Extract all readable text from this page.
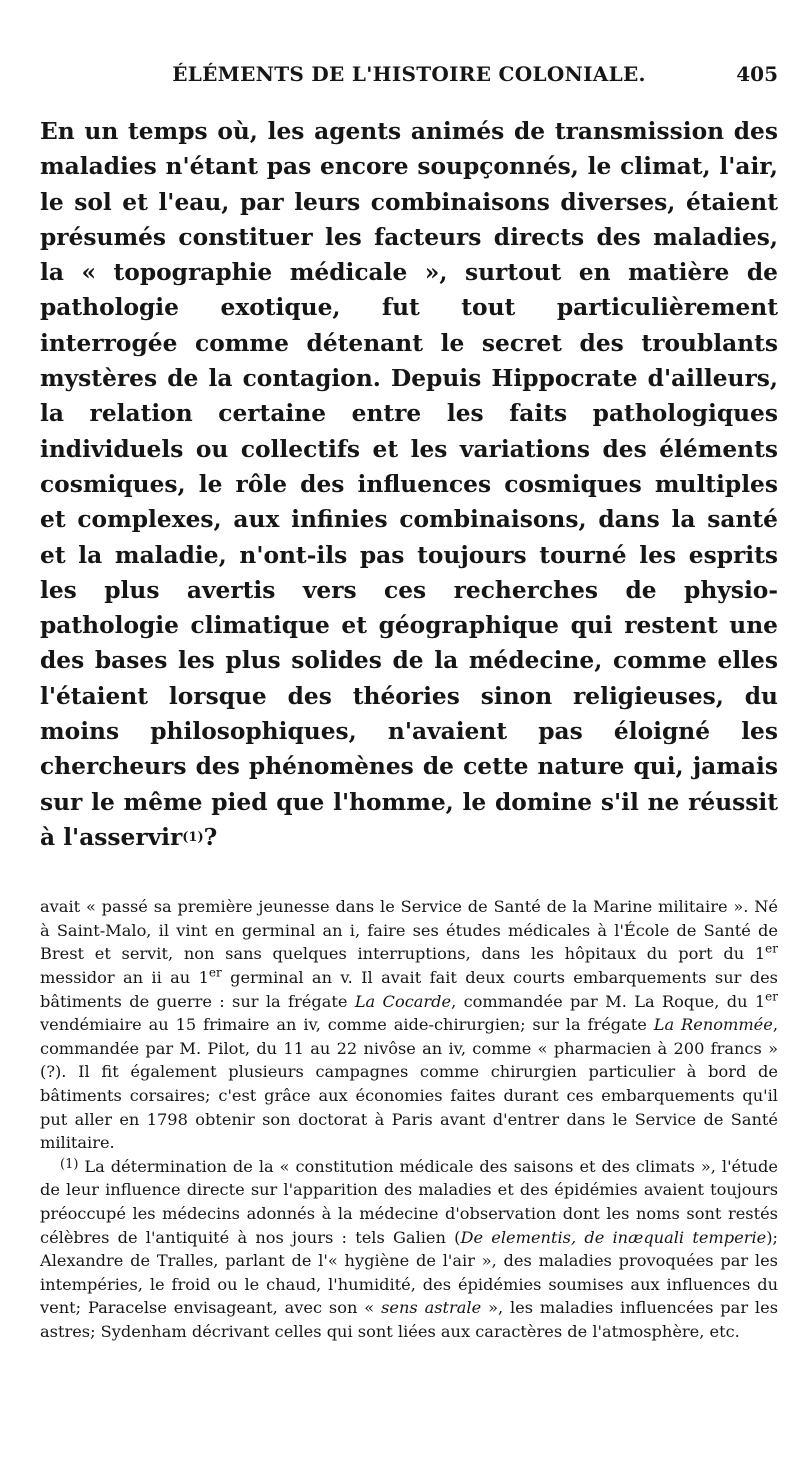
ÉLÉMENTS DE L'HISTOIRE COLONIALE.	405

En un temps où, les agents animés de transmission des maladies n'étant pas encore soupçonnés, le climat, l'air, le sol et l'eau, par leurs combinaisons diverses, étaient présumés constituer les facteurs directs des maladies, la « topographie médicale », surtout en matière de pathologie exotique, fut tout particulièrement interrogée comme détenant le secret des troublants mystères de la contagion. Depuis Hippocrate d'ailleurs, la relation certaine entre les faits pathologiques individuels ou collectifs et les variations des éléments cosmiques, le rôle des influences cosmiques multiples et complexes, aux infinies combinaisons, dans la santé et la maladie, n'ont-ils pas toujours tourné les esprits les plus avertis vers ces recherches de physio-pathologie climatique et géographique qui restent une des bases les plus solides de la médecine, comme elles l'étaient lorsque des théories sinon religieuses, du moins philosophiques, n'avaient pas éloigné les chercheurs des phénomènes de cette nature qui, jamais sur le même pied que l'homme, le domine s'il ne réussit à l'asservir(1)?

avait « passé sa première jeunesse dans le Service de Santé de la Marine militaire ». Né à Saint-Malo, il vint en germinal an i, faire ses études médicales à l'École de Santé de Brest et servit, non sans quelques interruptions, dans les hôpitaux du port du 1er messidor an ii au 1er germinal an v. Il avait fait deux courts embarquements sur des bâtiments de guerre : sur la frégate La Cocarde, commandée par M. La Roque, du 1er vendémiaire au 15 frimaire an iv, comme aide-chirurgien; sur la frégate La Renommée, commandée par M. Pilot, du 11 au 22 nivôse an iv, comme « pharmacien à 200 francs » (?). Il fit également plusieurs campagnes comme chirurgien particulier à bord de bâtiments corsaires; c'est grâce aux économies faites durant ces embarquements qu'il put aller en 1798 obtenir son doctorat à Paris avant d'entrer dans le Service de Santé militaire.

$^{(1)}$ La détermination de la « constitution médicale des saisons et des climats », l'étude de leur influence directe sur l'apparition des maladies et des épidémies avaient toujours préoccupé les médecins adonnés à la médecine d'observation dont les noms sont restés célèbres de l'antiquité à nos jours : tels Galien (De elementis, de inæquali temperie); Alexandre de Tralles, parlant de l'« hygiène de l'air », des maladies provoquées par les intempéries, le froid ou le chaud, l'humidité, des épidémies soumises aux influences du vent; Paracelse envisageant, avec son « sens astrale », les maladies influencées par les astres; Sydenham décrivant celles qui sont liées aux caractères de l'atmosphère, etc.
